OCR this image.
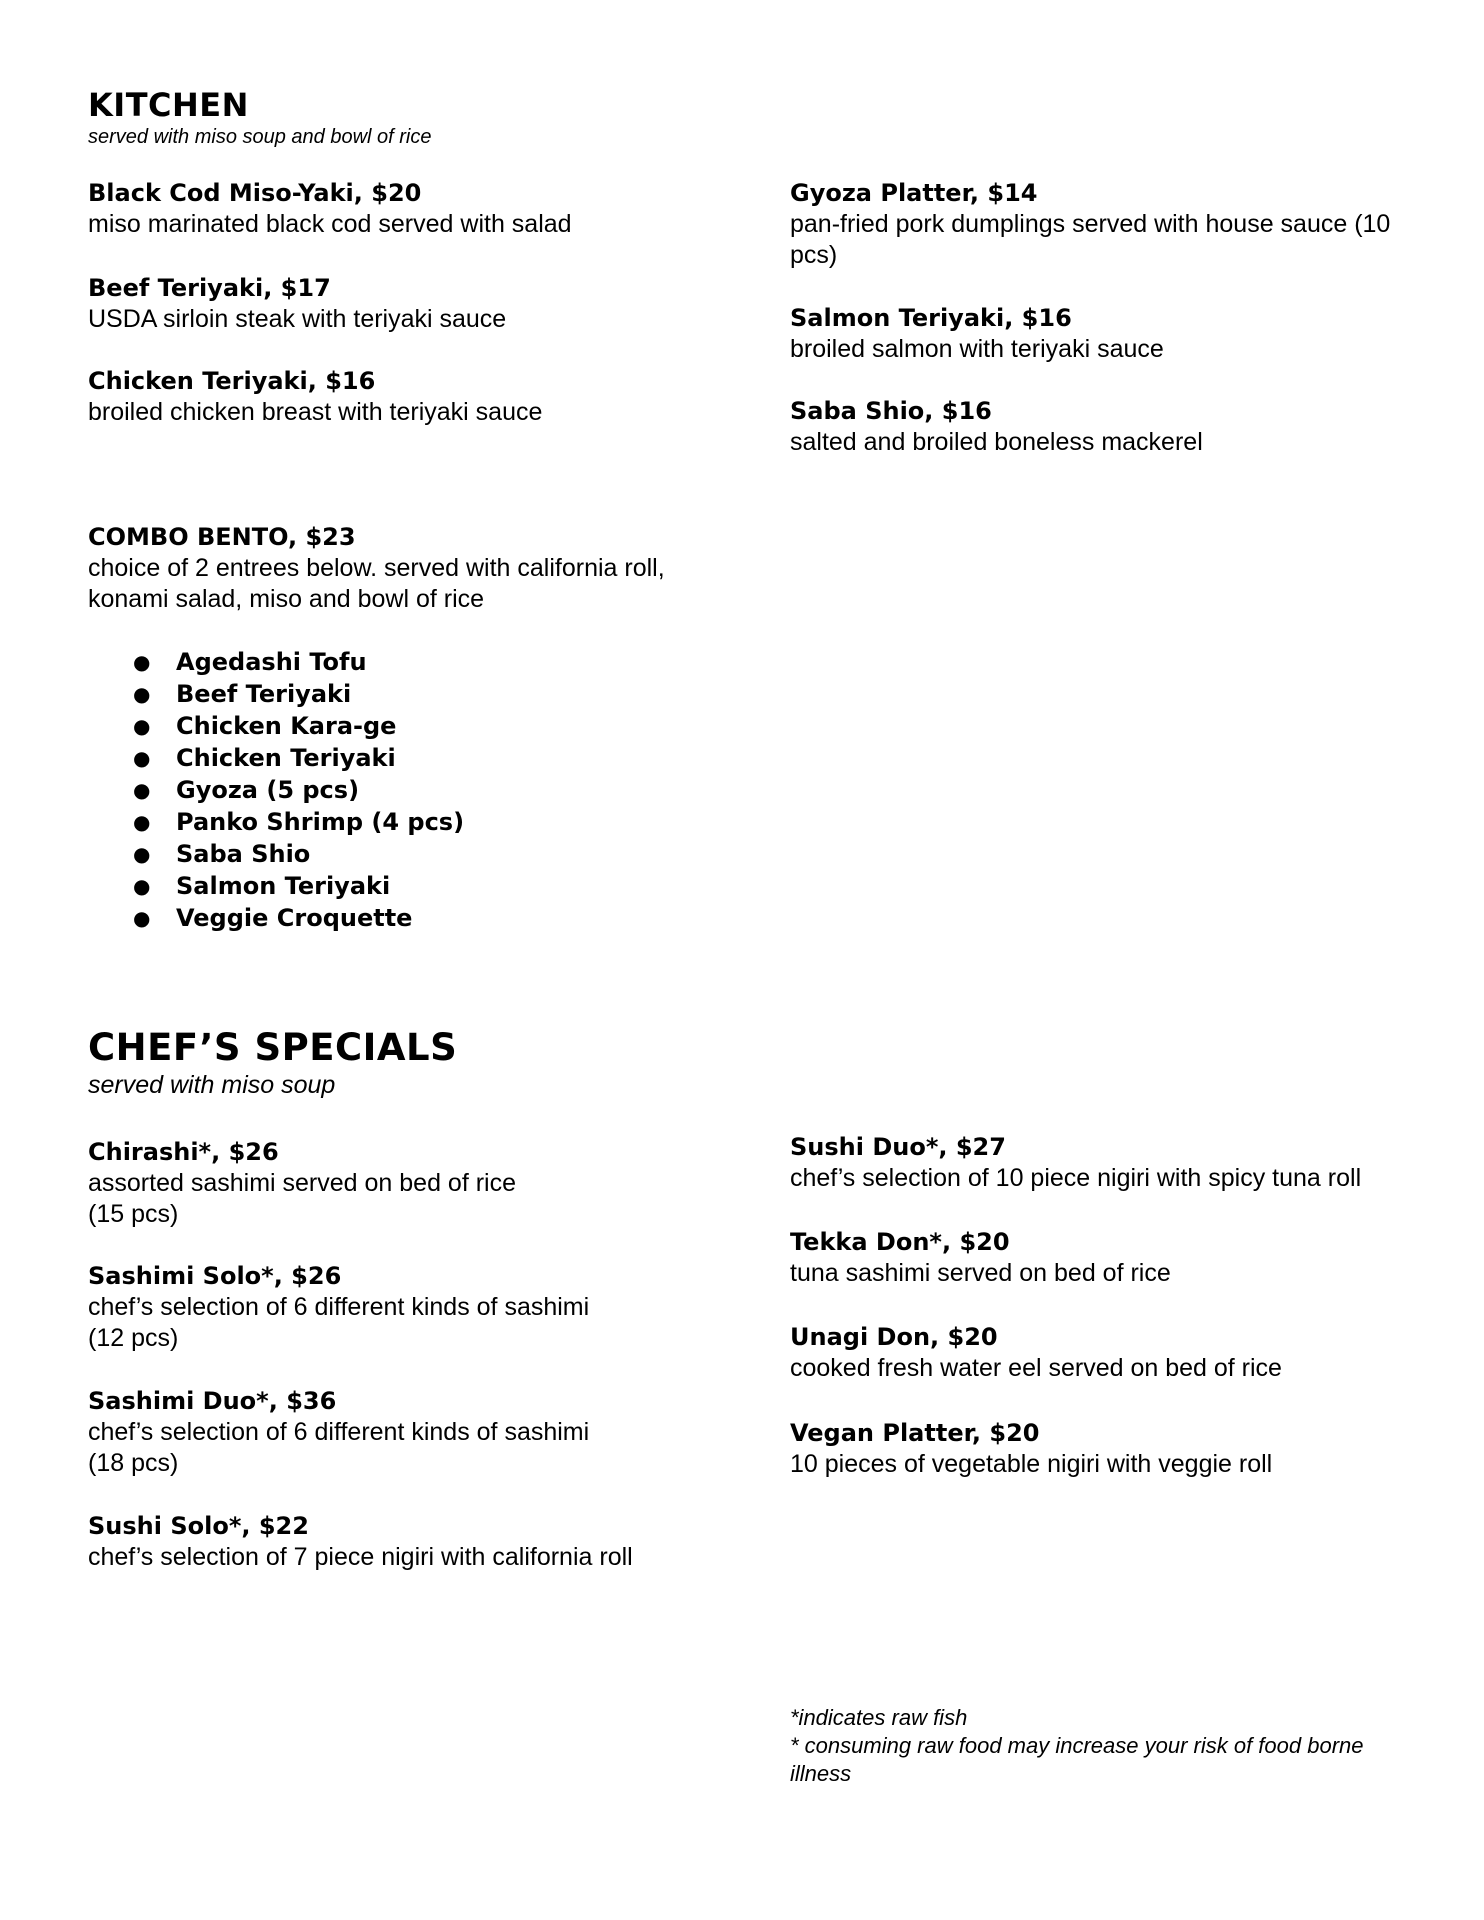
KITCHEN

served with miso soup and bowl of rice

Black Cod Miso-Yaki, $20
miso marinated black cod served with salad
Beef Teriyaki, $17
USDA sirloin steak with teriyaki sauce
Chicken Teriyaki, $16
broiled chicken breast with teriyaki sauce
Gyoza Platter, $14
pan-fried pork dumplings served with house sauce (10 pcs)
Salmon Teriyaki, $16
broiled salmon with teriyaki sauce
Saba Shio, $16
salted and broiled boneless mackerel
COMBO BENTO, $23
choice of 2 entrees below. served with california roll, konami salad, miso and bowl of rice
● Agedashi Tofu
● Beef Teriyaki
● Chicken Kara-ge
● Chicken Teriyaki
● Gyoza (5 pcs)
● Panko Shrimp (4 pcs)
● Saba Shio
● Salmon Teriyaki
● Veggie Croquette
CHEF’S SPECIALS

served with miso soup

Chirashi*, $26
assorted sashimi served on bed of rice
(15 pcs)
Sashimi Solo*, $26
chef’s selection of 6 different kinds of sashimi
(12 pcs)
Sashimi Duo*, $36
chef’s selection of 6 different kinds of sashimi
(18 pcs)
Sushi Solo*, $22
chef’s selection of 7 piece nigiri with california roll
Sushi Duo*, $27
chef’s selection of 10 piece nigiri with spicy tuna roll
Tekka Don*, $20
tuna sashimi served on bed of rice
Unagi Don, $20
cooked fresh water eel served on bed of rice
Vegan Platter, $20
10 pieces of vegetable nigiri with veggie roll
*indicates raw fish
* consuming raw food may increase your risk of food borne illness
